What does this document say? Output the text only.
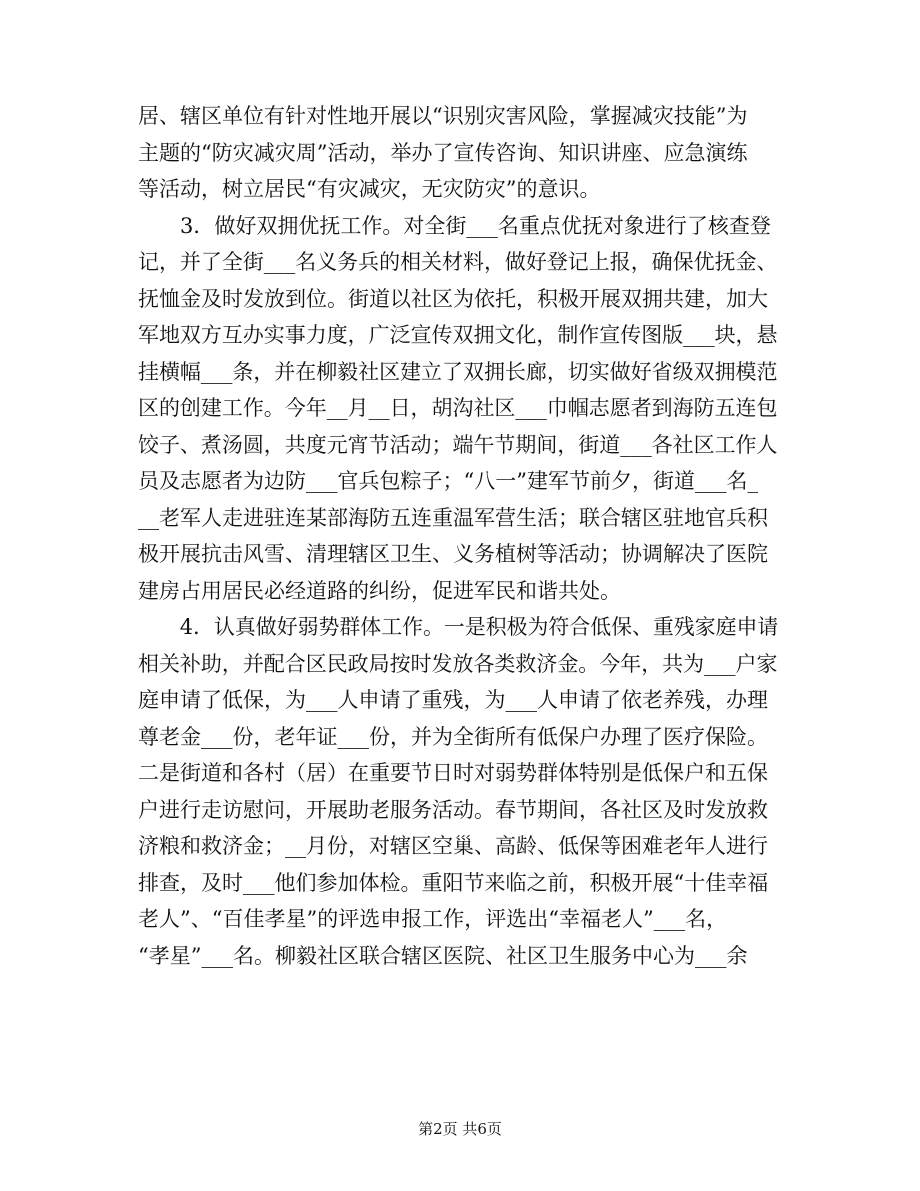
居、辖区单位有针对性地开展以“识别灾害风险，掌握减灾技能”为
主题的“防灾减灾周”活动，举办了宣传咨询、知识讲座、应急演练
等活动，树立居民“有灾减灾，无灾防灾”的意识。
　　3．做好双拥优抚工作。对全街___名重点优抚对象进行了核查登
记，并了全街___名义务兵的相关材料，做好登记上报，确保优抚金、
抚恤金及时发放到位。街道以社区为依托，积极开展双拥共建，加大
军地双方互办实事力度，广泛宣传双拥文化，制作宣传图版___块，悬
挂横幅___条，并在柳毅社区建立了双拥长廊，切实做好省级双拥模范
区的创建工作。今年__月__日，胡沟社区___巾帼志愿者到海防五连包
饺子、煮汤圆，共度元宵节活动；端午节期间，街道___各社区工作人
员及志愿者为边防___官兵包粽子；“八一”建军节前夕，街道___名_
__老军人走进驻连某部海防五连重温军营生活；联合辖区驻地官兵积
极开展抗击风雪、清理辖区卫生、义务植树等活动；协调解决了医院
建房占用居民必经道路的纠纷，促进军民和谐共处。
　　4．认真做好弱势群体工作。一是积极为符合低保、重残家庭申请
相关补助，并配合区民政局按时发放各类救济金。今年，共为___户家
庭申请了低保，为___人申请了重残，为___人申请了依老养残，办理
尊老金___份，老年证___份，并为全街所有低保户办理了医疗保险。
二是街道和各村（居）在重要节日时对弱势群体特别是低保户和五保
户进行走访慰问，开展助老服务活动。春节期间，各社区及时发放救
济粮和救济金；__月份，对辖区空巢、高龄、低保等困难老年人进行
排查，及时___他们参加体检。重阳节来临之前，积极开展“十佳幸福
老人”、“百佳孝星”的评选申报工作，评选出“幸福老人”___名，
“孝星”___名。柳毅社区联合辖区医院、社区卫生服务中心为___余
第2页 共6页
